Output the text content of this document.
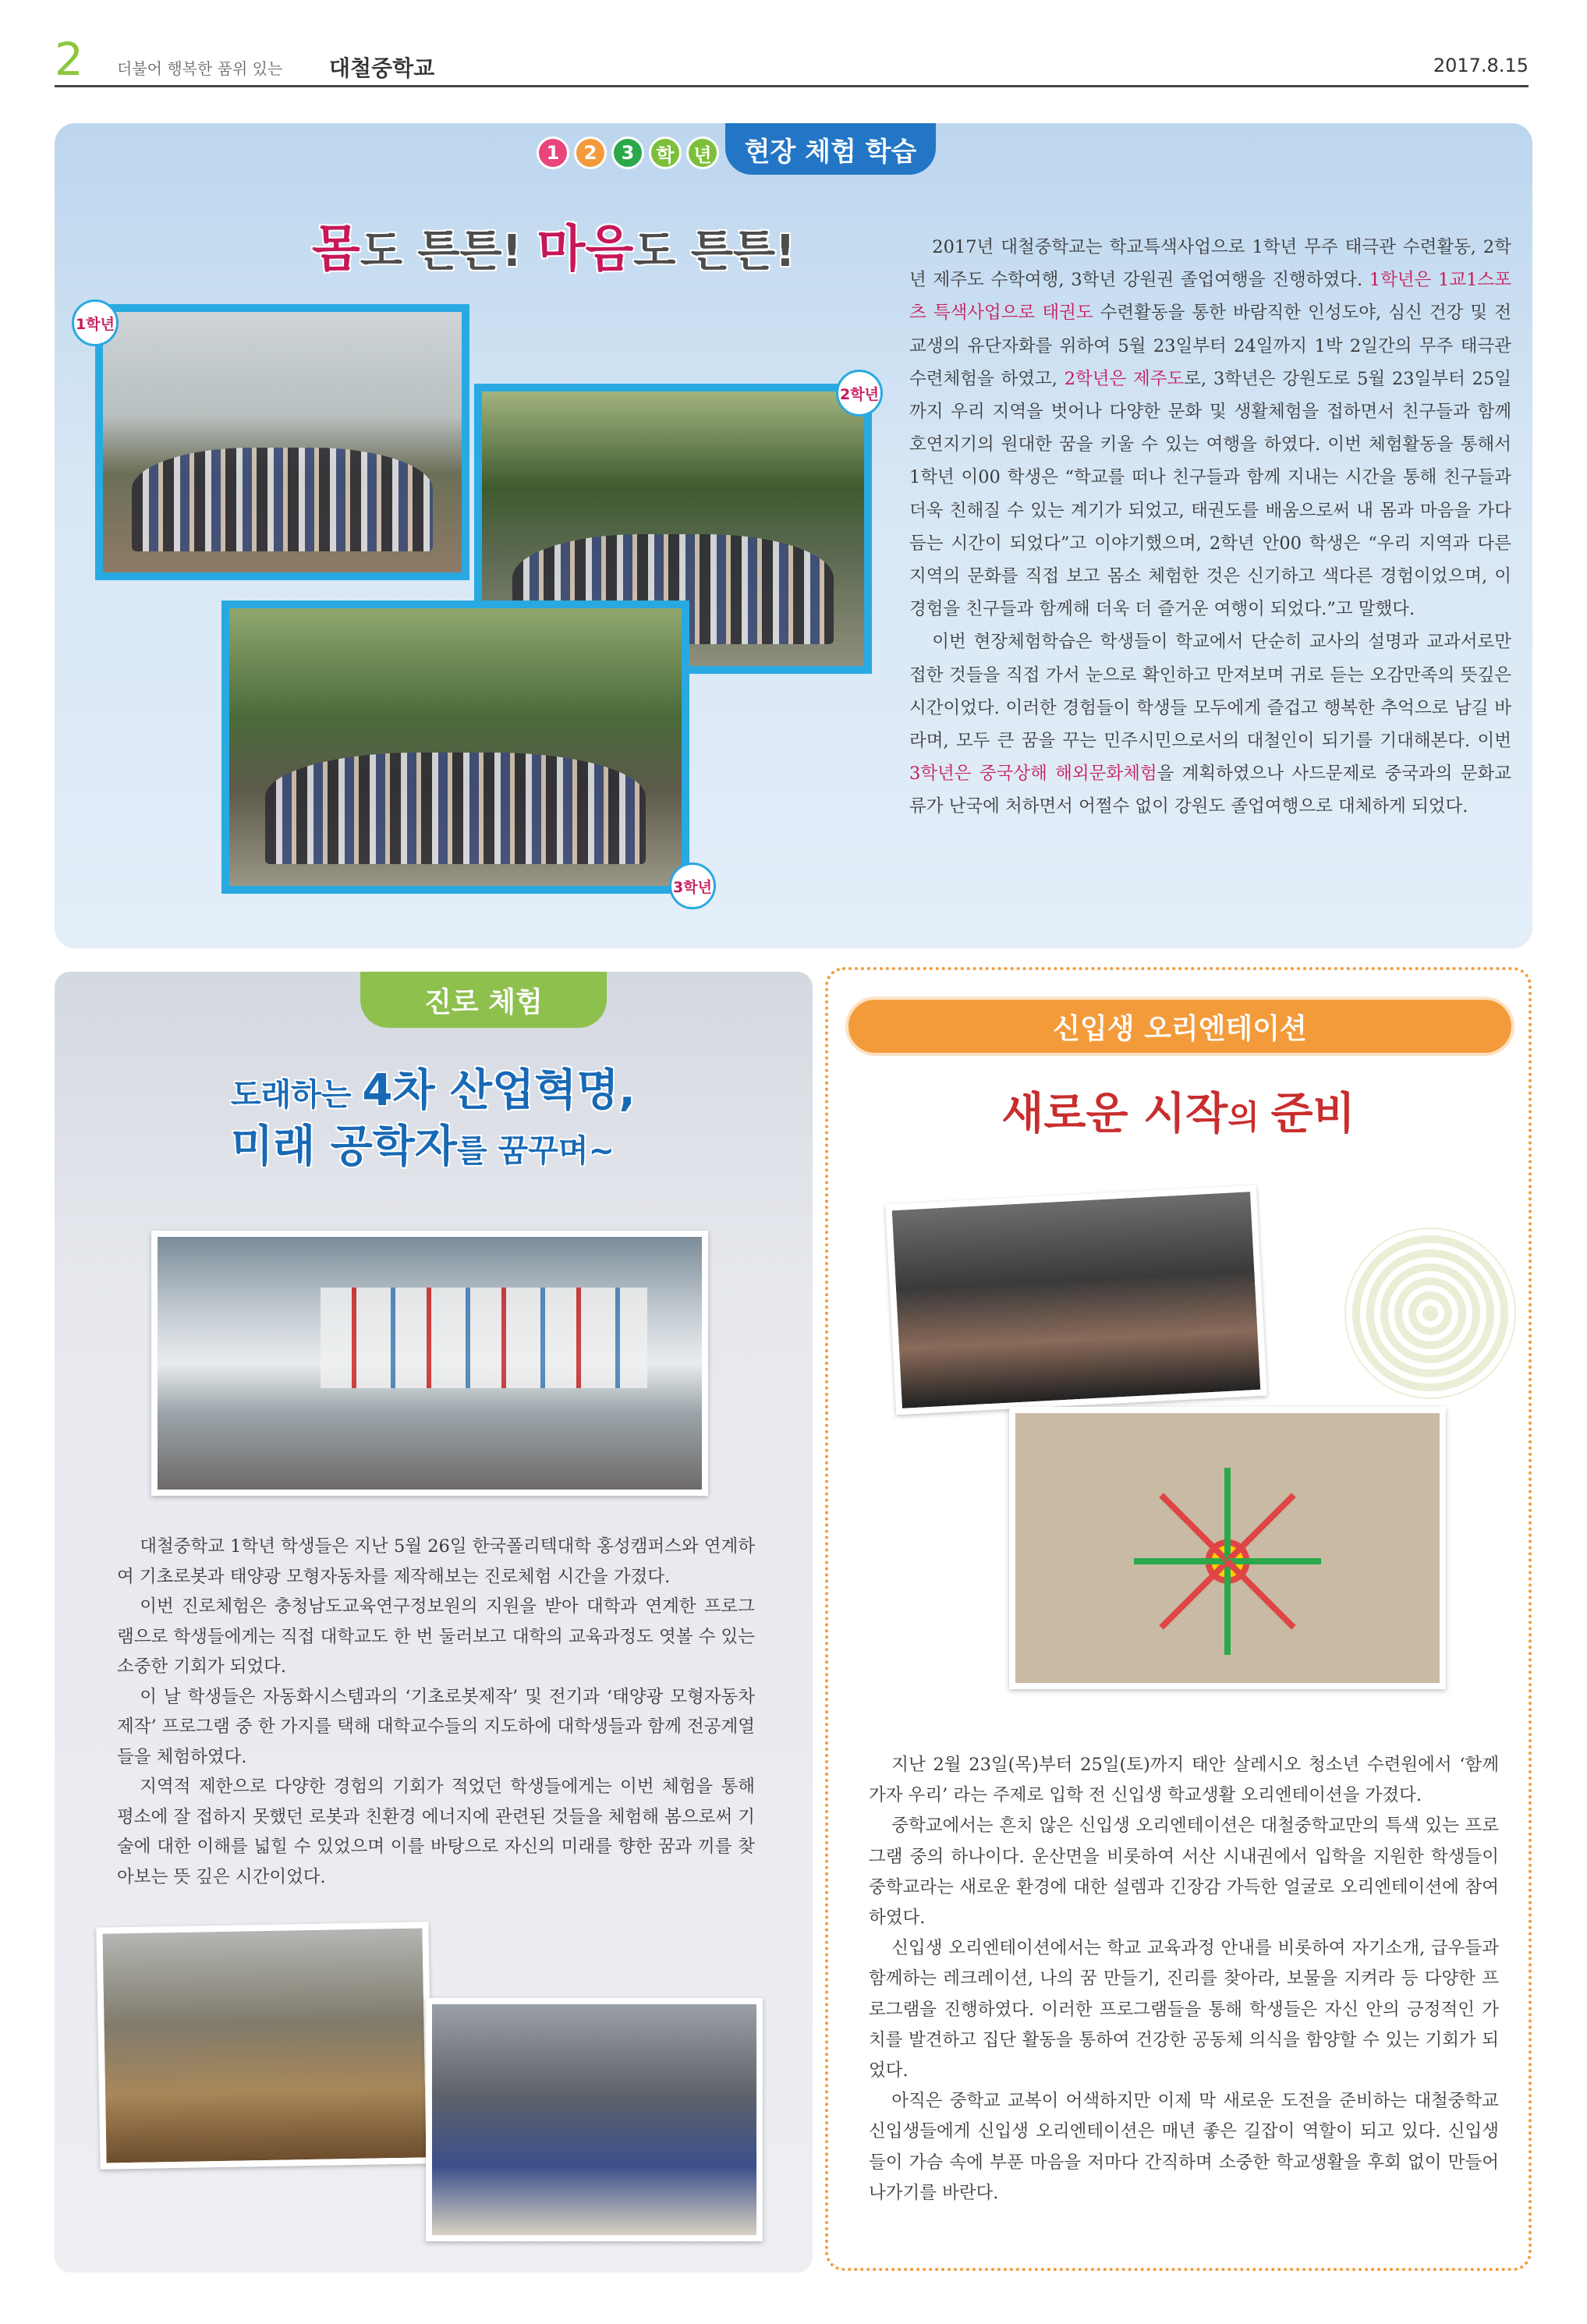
2 더불어 행복한 품위 있는 대철중학교	2017.8.15
1	2	3	학	년	현장 체험 학습
몸도 튼튼! 마음도 튼튼!
1학년
2학년
3학년

2017년 대철중학교는 학교특색사업으로 1학년 무주 태극관 수련활동, 2학년 제주도 수학여행, 3학년 강원권 졸업여행을 진행하였다. 1학년은 1교1스포츠 특색사업으로 태권도 수련활동을 통한 바람직한 인성도야, 심신 건강 및 전교생의 유단자화를 위하여 5월 23일부터 24일까지 1박 2일간의 무주 태극관 수련체험을 하였고, 2학년은 제주도로, 3학년은 강원도로 5월 23일부터 25일까지 우리 지역을 벗어나 다양한 문화 및 생활체험을 접하면서 친구들과 함께 호연지기의 원대한 꿈을 키울 수 있는 여행을 하였다. 이번 체험활동을 통해서 1학년 이00 학생은 “학교를 떠나 친구들과 함께 지내는 시간을 통해 친구들과 더욱 친해질 수 있는 계기가 되었고, 태권도를 배움으로써 내 몸과 마음을 가다듬는 시간이 되었다”고 이야기했으며, 2학년 안00 학생은 “우리 지역과 다른 지역의 문화를 직접 보고 몸소 체험한 것은 신기하고 색다른 경험이었으며, 이 경험을 친구들과 함께해 더욱 더 즐거운 여행이 되었다.”고 말했다.

이번 현장체험학습은 학생들이 학교에서 단순히 교사의 설명과 교과서로만 접한 것들을 직접 가서 눈으로 확인하고 만져보며 귀로 듣는 오감만족의 뜻깊은 시간이었다. 이러한 경험들이 학생들 모두에게 즐겁고 행복한 추억으로 남길 바라며, 모두 큰 꿈을 꾸는 민주시민으로서의 대철인이 되기를 기대해본다. 이번 3학년은 중국상해 해외문화체험을 계획하였으나 사드문제로 중국과의 문화교류가 난국에 처하면서 어쩔수 없이 강원도 졸업여행으로 대체하게 되었다.

진로 체험
도래하는 4차 산업혁명,
미래 공학자를 꿈꾸며~

대철중학교 1학년 학생들은 지난 5월 26일 한국폴리텍대학 홍성캠퍼스와 연계하여 기초로봇과 태양광 모형자동차를 제작해보는 진로체험 시간을 가졌다.

이번 진로체험은 충청남도교육연구정보원의 지원을 받아 대학과 연계한 프로그램으로 학생들에게는 직접 대학교도 한 번 둘러보고 대학의 교육과정도 엿볼 수 있는 소중한 기회가 되었다.

이 날 학생들은 자동화시스템과의 ‘기초로봇제작’ 및 전기과 ‘태양광 모형자동차 제작’ 프로그램 중 한 가지를 택해 대학교수들의 지도하에 대학생들과 함께 전공계열들을 체험하였다.

지역적 제한으로 다양한 경험의 기회가 적었던 학생들에게는 이번 체험을 통해 평소에 잘 접하지 못했던 로봇과 친환경 에너지에 관련된 것들을 체험해 봄으로써 기술에 대한 이해를 넓힐 수 있었으며 이를 바탕으로 자신의 미래를 향한 꿈과 끼를 찾아보는 뜻 깊은 시간이었다.

신입생 오리엔테이션
새로운 시작의 준비

지난 2월 23일(목)부터 25일(토)까지 태안 살레시오 청소년 수련원에서 ‘함께 가자 우리’ 라는 주제로 입학 전 신입생 학교생활 오리엔테이션을 가졌다.

중학교에서는 흔치 않은 신입생 오리엔테이션은 대철중학교만의 특색 있는 프로그램 중의 하나이다. 운산면을 비롯하여 서산 시내권에서 입학을 지원한 학생들이 중학교라는 새로운 환경에 대한 설렘과 긴장감 가득한 얼굴로 오리엔테이션에 참여하였다.

신입생 오리엔테이션에서는 학교 교육과정 안내를 비롯하여 자기소개, 급우들과 함께하는 레크레이션, 나의 꿈 만들기, 진리를 찾아라, 보물을 지켜라 등 다양한 프로그램을 진행하였다. 이러한 프로그램들을 통해 학생들은 자신 안의 긍정적인 가치를 발견하고 집단 활동을 통하여 건강한 공동체 의식을 함양할 수 있는 기회가 되었다.

아직은 중학교 교복이 어색하지만 이제 막 새로운 도전을 준비하는 대철중학교 신입생들에게 신입생 오리엔테이션은 매년 좋은 길잡이 역할이 되고 있다. 신입생들이 가슴 속에 부푼 마음을 저마다 간직하며 소중한 학교생활을 후회 없이 만들어나가기를 바란다.
